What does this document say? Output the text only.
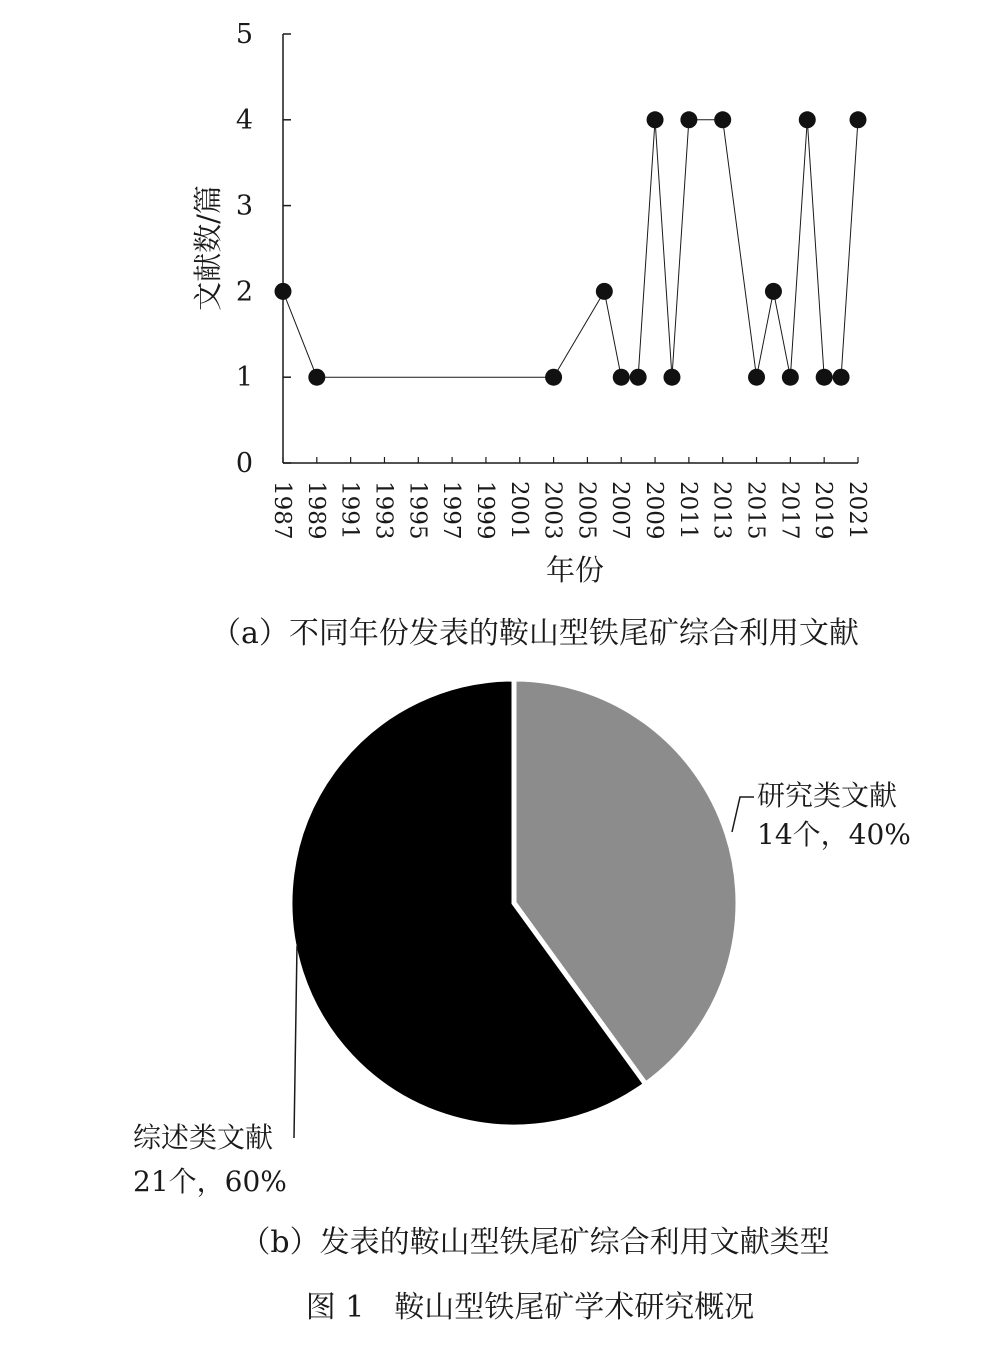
0
1
2
3
4
5
1987 1989 1991 1993 1995 1997 1999 2001 2003 2005 2007 2009 2011 2013 2015 2017 2019 2021
文献数/篇
年份
（a）不同年份发表的鞍山型铁尾矿综合利用文献
研究类文献
14个，40%
综述类文献
21个，60%
（b）发表的鞍山型铁尾矿综合利用文献类型
图 1　鞍山型铁尾矿学术研究概况
